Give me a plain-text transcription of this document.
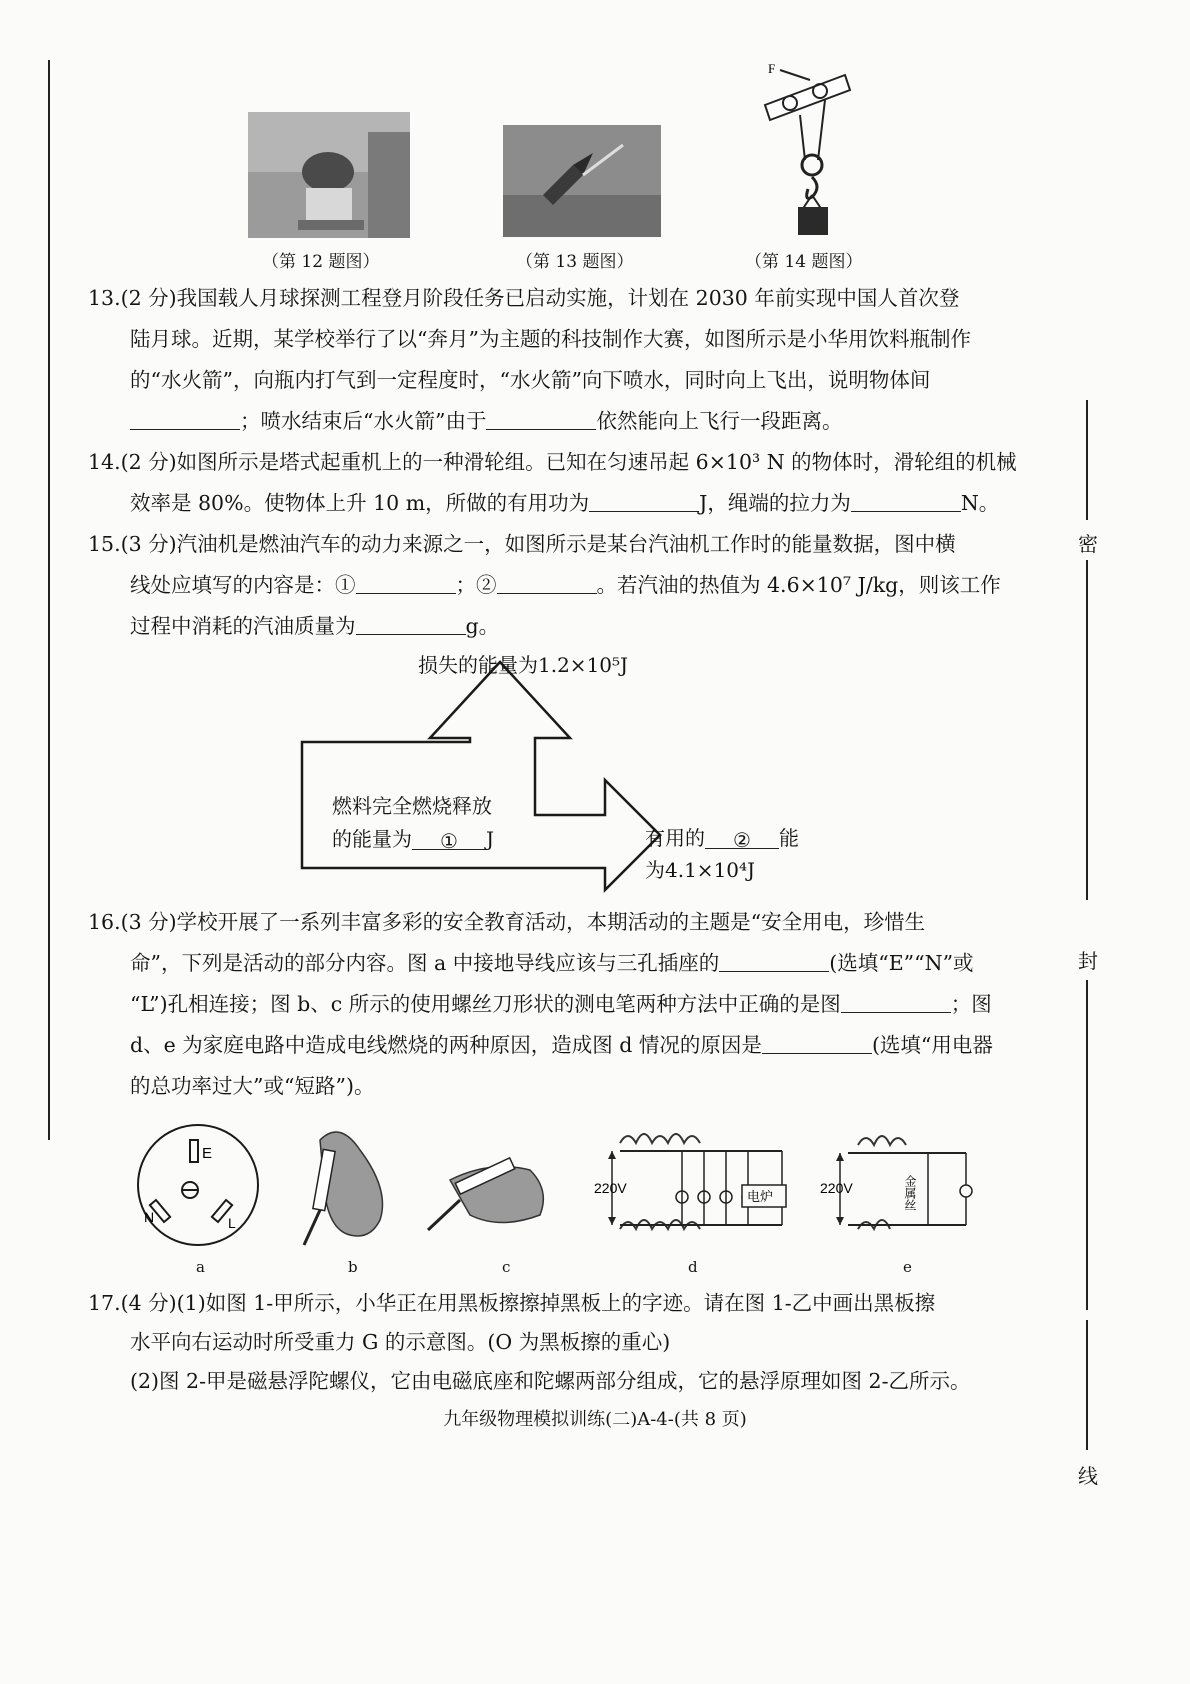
（第 12 题图）	（第 13 题图）
F
（第 14 题图）

13.(2 分)我国载人月球探测工程登月阶段任务已启动实施，计划在 2030 年前实现中国人首次登

陆月球。近期，某学校举行了以“奔月”为主题的科技制作大赛，如图所示是小华用饮料瓶制作

的“水火箭”，向瓶内打气到一定程度时，“水火箭”向下喷水，同时向上飞出，说明物体间

；喷水结束后“水火箭”由于	依然能向上飞行一段距离。

14.(2 分)如图所示是塔式起重机上的一种滑轮组。已知在匀速吊起 6×10³ N 的物体时，滑轮组的机械

效率是 80%。使物体上升 10 m，所做的有用功为	J，绳端的拉力为	N。

15.(3 分)汽油机是燃油汽车的动力来源之一，如图所示是某台汽油机工作时的能量数据，图中横

线处应填写的内容是：①	；②	。若汽油的热值为 4.6×10⁷ J/kg，则该工作

过程中消耗的汽油质量为	g。

损失的能量为1.2×10⁵J
燃料完全燃烧释放
的能量为 ① J	有用的 ② 能
为4.1×10⁴J

16.(3 分)学校开展了一系列丰富多彩的安全教育活动，本期活动的主题是“安全用电，珍惜生

命”，下列是活动的部分内容。图 a 中接地导线应该与三孔插座的	(选填“E”“N”或

“L”)孔相连接；图 b、c 所示的使用螺丝刀形状的测电笔两种方法中正确的是图	；图

d、e 为家庭电路中造成电线燃烧的两种原因，造成图 d 情况的原因是	(选填“用电器

的总功率过大”或“短路”)。

E
N	L
a	b	c
220V
电炉
d
220V	金属丝
e

17.(4 分)(1)如图 1-甲所示，小华正在用黑板擦擦掉黑板上的字迹。请在图 1-乙中画出黑板擦

水平向右运动时所受重力 G 的示意图。(O 为黑板擦的重心)

(2)图 2-甲是磁悬浮陀螺仪，它由电磁底座和陀螺两部分组成，它的悬浮原理如图 2-乙所示。

九年级物理模拟训练(二)A-4-(共 8 页)
密
封
线
